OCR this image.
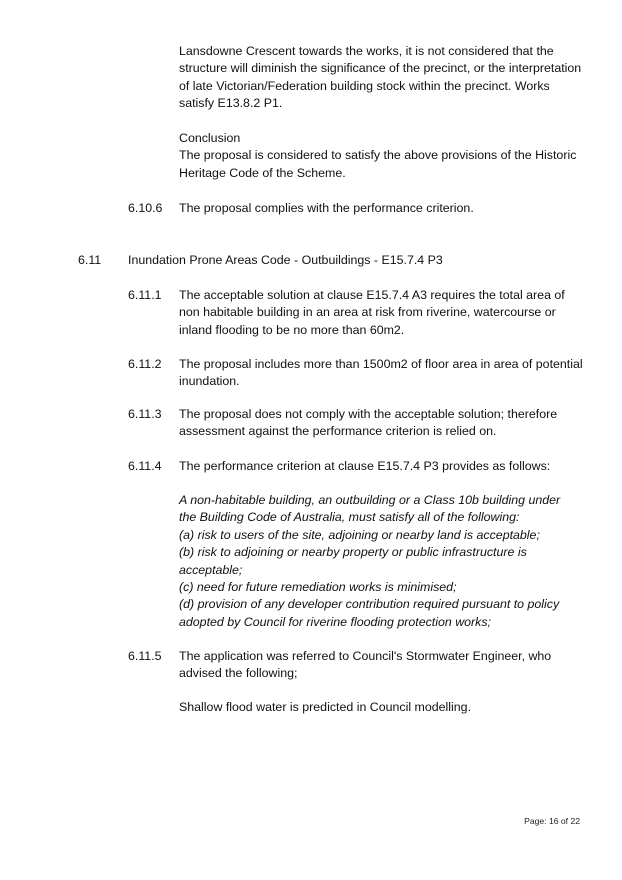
Lansdowne Crescent towards the works, it is not considered that the
structure will diminish the significance of the precinct, or the interpretation
of late Victorian/Federation building stock within the precinct. Works
satisfy E13.8.2 P1.
Conclusion
The proposal is considered to satisfy the above provisions of the Historic
Heritage Code of the Scheme.
6.10.6 The proposal complies with the performance criterion.
6.11 Inundation Prone Areas Code - Outbuildings - E15.7.4 P3
6.11.1 The acceptable solution at clause E15.7.4 A3 requires the total area of
non habitable building in an area at risk from riverine, watercourse or
inland flooding to be no more than 60m2.
6.11.2 The proposal includes more than 1500m2 of floor area in area of potential
inundation.
6.11.3 The proposal does not comply with the acceptable solution; therefore
assessment against the performance criterion is relied on.
6.11.4 The performance criterion at clause E15.7.4 P3 provides as follows:
A non-habitable building, an outbuilding or a Class 10b building under
the Building Code of Australia, must satisfy all of the following:
(a) risk to users of the site, adjoining or nearby land is acceptable;
(b) risk to adjoining or nearby property or public infrastructure is
acceptable;
(c) need for future remediation works is minimised;
(d) provision of any developer contribution required pursuant to policy
adopted by Council for riverine flooding protection works;
6.11.5 The application was referred to Council's Stormwater Engineer, who
advised the following;
Shallow flood water is predicted in Council modelling.
Page: 16 of 22
